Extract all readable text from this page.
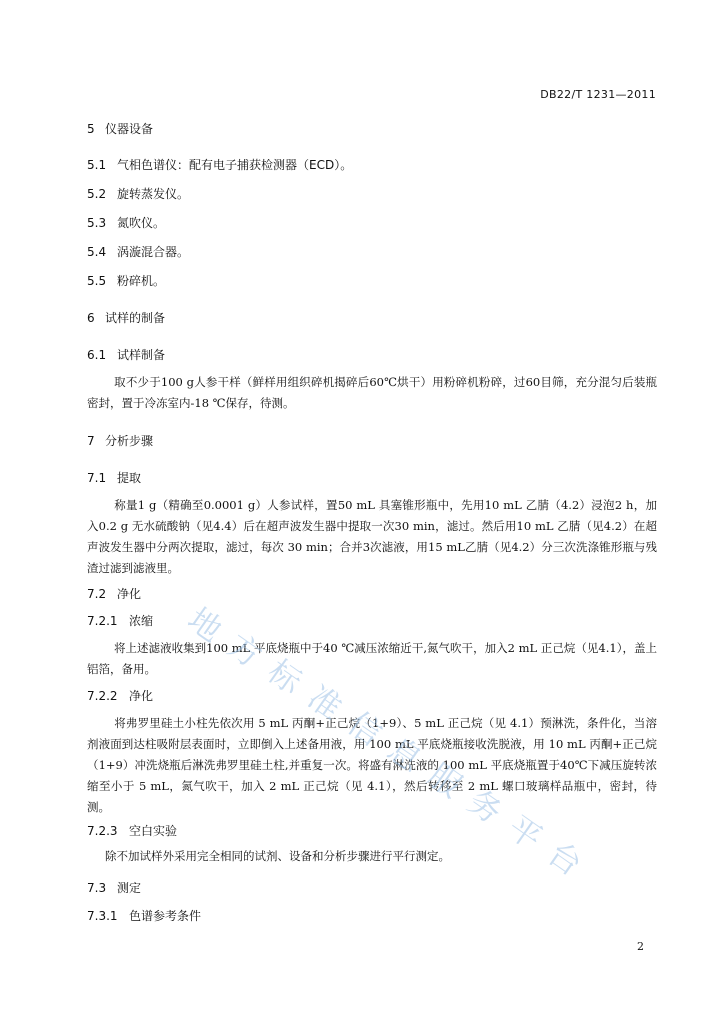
DB22/T 1231—2011
5 仪器设备
5.1 气相色谱仪：配有电子捕获检测器（ECD）。
5.2 旋转蒸发仪。
5.3 氮吹仪。
5.4 涡漩混合器。
5.5 粉碎机。
6 试样的制备
6.1 试样制备
取不少于100 g人参干样（鲜样用组织碎机揭碎后60℃烘干）用粉碎机粉碎，过60目筛，充分混匀后装瓶密封，置于冷冻室内-18 ℃保存，待测。
7 分析步骤
7.1 提取
称量1 g（精确至0.0001 g）人参试样，置50 mL 具塞锥形瓶中，先用10 mL 乙腈（4.2）浸泡2 h，加入0.2 g 无水硫酸钠（见4.4）后在超声波发生器中提取一次30 min，滤过。然后用10 mL 乙腈（见4.2）在超声波发生器中分两次提取，滤过，每次 30 min；合并3次滤液，用15 mL乙腈（见4.2）分三次洗涤锥形瓶与残渣过滤到滤液里。
7.2 净化
7.2.1 浓缩
将上述滤液收集到100 mL 平底烧瓶中于40 ℃减压浓缩近干,氮气吹干，加入2 mL 正己烷（见4.1），盖上铝箔，备用。
7.2.2 净化
将弗罗里硅土小柱先依次用 5 mL 丙酮+正己烷（1+9）、5 mL 正己烷（见 4.1）预淋洗，条件化，当溶剂液面到达柱吸附层表面时，立即倒入上述备用液，用 100 mL 平底烧瓶接收洗脱液，用 10 mL 丙酮+正己烷（1+9）冲洗烧瓶后淋洗弗罗里硅土柱,并重复一次。将盛有淋洗液的 100 mL 平底烧瓶置于40℃下减压旋转浓缩至小于 5 mL，氮气吹干，加入 2 mL 正己烷（见 4.1），然后转移至 2 mL 螺口玻璃样品瓶中，密封，待测。
7.2.3 空白实验
除不加试样外采用完全相同的试剂、设备和分析步骤进行平行测定。
7.3 测定
7.3.1 色谱参考条件
2
地
方
标
准
信
息
服
务
平
台
